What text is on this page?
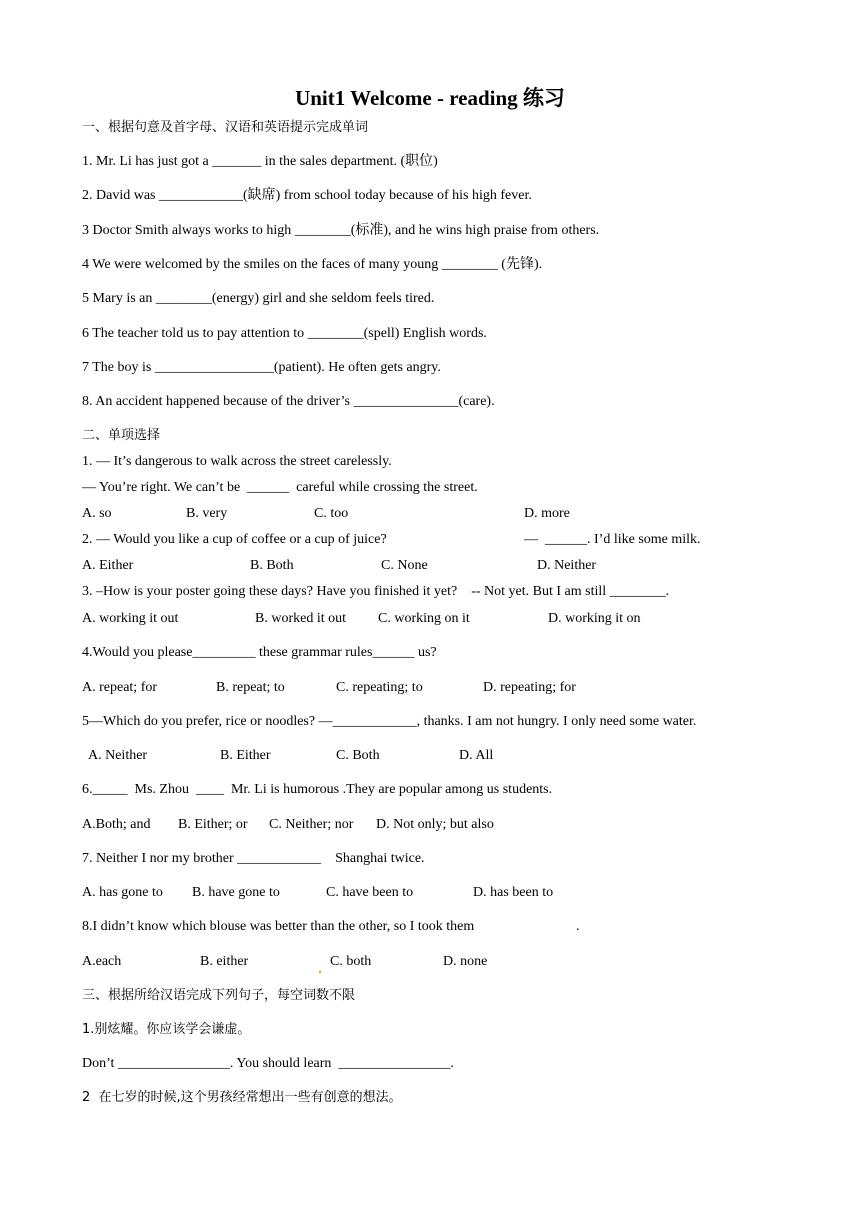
Unit1 Welcome - reading 练习
一、根据句意及首字母、汉语和英语提示完成单词
1. Mr. Li has just got a _______ in the sales department. (职位)
2. David was ____________(缺席) from school today because of his high fever.
3 Doctor Smith always works to high ________(标准), and he wins high praise from others.
4 We were welcomed by the smiles on the faces of many young ________ (先锋).
5 Mary is an ________(energy) girl and she seldom feels tired.
6 The teacher told us to pay attention to ________(spell) English words.
7 The boy is _________________(patient). He often gets angry.
8. An accident happened because of the driver’s _______________(care).
二、单项选择
1. — It’s dangerous to walk across the street carelessly.
— You’re right. We can’t be  ______  careful while crossing the street.
A. so	B. very	C. too	D. more
2. — Would you like a cup of coffee or a cup of juice?	—  ______. I’d like some milk.
A. Either	B. Both	C. None	D. Neither
3. –How is your poster going these days? Have you finished it yet?    -- Not yet. But I am still ________.
A. working it out	B. worked it out C. working on it	D. working it on
4.Would you please_________ these grammar rules______ us?
A. repeat; for	B. repeat; to	C. repeating; to	D. repeating; for
5—Which do you prefer, rice or noodles? —____________, thanks. I am not hungry. I only need some water.
A. Neither	B. Either	C. Both	D. All
6._____  Ms. Zhou  ____  Mr. Li is humorous .They are popular among us students.
A.Both; and B. Either; or C. Neither; nor D. Not only; but also
7. Neither I nor my brother ____________    Shanghai twice.
A. has gone to B. have gone to	C. have been to	D. has been to
8.I didn’t know which blouse was better than the other, so I took them	.
A.each	B. either	. C. both	D. none
三、根据所给汉语完成下列句子，每空词数不限
1.别炫耀。你应该学会谦虚。
Don’t ________________. You should learn  ________________.
2  在七岁的时候,这个男孩经常想出一些有创意的想法。
